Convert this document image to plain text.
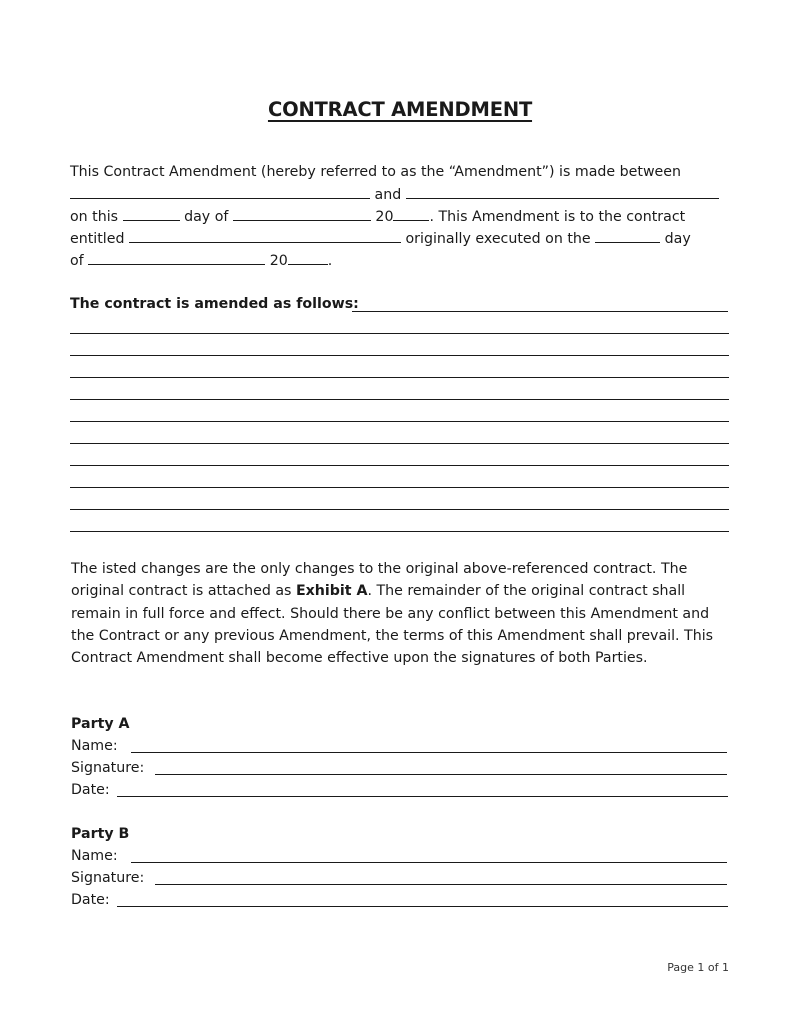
CONTRACT AMENDMENT
This Contract Amendment (hereby referred to as the “Amendment”) is made between
and
on this	day of	20	. This Amendment is to the contract
entitled	originally executed on the	day
of	20	.
The contract is amended as follows:
The isted changes are the only changes to the original above-referenced contract. The original contract is attached as Exhibit A. The remainder of the original contract shall remain in full force and effect. Should there be any conflict between this Amendment and the Contract or any previous Amendment, the terms of this Amendment shall prevail. This Contract Amendment shall become effective upon the signatures of both Parties.
Party A
Name:
Signature:
Date:
Party B
Name:
Signature:
Date:
Page 1 of 1
